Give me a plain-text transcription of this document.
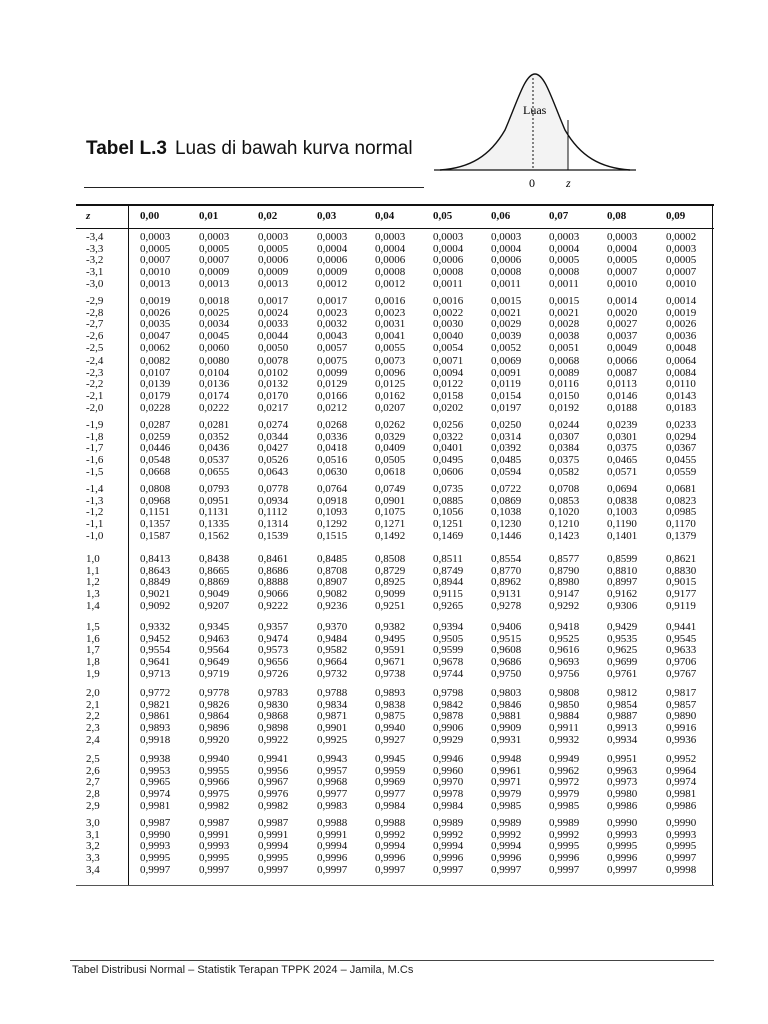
Tabel L.3 Luas di bawah kurva normal
Luas
0	z
z	0,00	0,01	0,02	0,03	0,04	0,05	0,06	0,07	0,08	0,09
-3,4	0,0003	0,0003	0,0003	0,0003	0,0003	0,0003	0,0003	0,0003	0,0003	0,0002
-3,3	0,0005	0,0005	0,0005	0,0004	0,0004	0,0004	0,0004	0,0004	0,0004	0,0003
-3,2	0,0007	0,0007	0,0006	0,0006	0,0006	0,0006	0,0006	0,0005	0,0005	0,0005
-3,1	0,0010	0,0009	0,0009	0,0009	0,0008	0,0008	0,0008	0,0008	0,0007	0,0007
-3,0	0,0013	0,0013	0,0013	0,0012	0,0012	0,0011	0,0011	0,0011	0,0010	0,0010
-2,9	0,0019	0,0018	0,0017	0,0017	0,0016	0,0016	0,0015	0,0015	0,0014	0,0014
-2,8	0,0026	0,0025	0,0024	0,0023	0,0023	0,0022	0,0021	0,0021	0,0020	0,0019
-2,7	0,0035	0,0034	0,0033	0,0032	0,0031	0,0030	0,0029	0,0028	0,0027	0,0026
-2,6	0,0047	0,0045	0,0044	0,0043	0,0041	0,0040	0,0039	0,0038	0,0037	0,0036
-2,5	0,0062	0,0060	0,0050	0,0057	0,0055	0,0054	0,0052	0,0051	0,0049	0,0048
-2,4	0,0082	0,0080	0,0078	0,0075	0,0073	0,0071	0,0069	0,0068	0,0066	0,0064
-2,3	0,0107	0,0104	0,0102	0,0099	0,0096	0,0094	0,0091	0,0089	0,0087	0,0084
-2,2	0,0139	0,0136	0,0132	0,0129	0,0125	0,0122	0,0119	0,0116	0,0113	0,0110
-2,1	0,0179	0,0174	0,0170	0,0166	0,0162	0,0158	0,0154	0,0150	0,0146	0,0143
-2,0	0,0228	0,0222	0,0217	0,0212	0,0207	0,0202	0,0197	0,0192	0,0188	0,0183
-1,9	0,0287	0,0281	0,0274	0,0268	0,0262	0,0256	0,0250	0,0244	0,0239	0,0233
-1,8	0,0259	0,0352	0,0344	0,0336	0,0329	0,0322	0,0314	0,0307	0,0301	0,0294
-1,7	0,0446	0,0436	0,0427	0,0418	0,0409	0,0401	0,0392	0,0384	0,0375	0,0367
-1,6	0,0548	0,0537	0,0526	0,0516	0,0505	0,0495	0,0485	0,0375	0,0465	0,0455
-1,5	0,0668	0,0655	0,0643	0,0630	0,0618	0,0606	0,0594	0,0582	0,0571	0,0559
-1,4	0,0808	0,0793	0,0778	0,0764	0,0749	0,0735	0,0722	0,0708	0,0694	0,0681
-1,3	0,0968	0,0951	0,0934	0,0918	0,0901	0,0885	0,0869	0,0853	0,0838	0,0823
-1,2	0,1151	0,1131	0,1112	0,1093	0,1075	0,1056	0,1038	0,1020	0,1003	0,0985
-1,1	0,1357	0,1335	0,1314	0,1292	0,1271	0,1251	0,1230	0,1210	0,1190	0,1170
-1,0	0,1587	0,1562	0,1539	0,1515	0,1492	0,1469	0,1446	0,1423	0,1401	0,1379
1,0	0,8413	0,8438	0,8461	0,8485	0,8508	0,8511	0,8554	0,8577	0,8599	0,8621
1,1	0,8643	0,8665	0,8686	0,8708	0,8729	0,8749	0,8770	0,8790	0,8810	0,8830
1,2	0,8849	0,8869	0,8888	0,8907	0,8925	0,8944	0,8962	0,8980	0,8997	0,9015
1,3	0,9021	0,9049	0,9066	0,9082	0,9099	0,9115	0,9131	0,9147	0,9162	0,9177
1,4	0,9092	0,9207	0,9222	0,9236	0,9251	0,9265	0,9278	0,9292	0,9306	0,9119
1,5	0,9332	0,9345	0,9357	0,9370	0,9382	0,9394	0,9406	0,9418	0,9429	0,9441
1,6	0,9452	0,9463	0,9474	0,9484	0,9495	0,9505	0,9515	0,9525	0,9535	0,9545
1,7	0,9554	0,9564	0,9573	0,9582	0,9591	0,9599	0,9608	0,9616	0,9625	0,9633
1,8	0,9641	0,9649	0,9656	0,9664	0,9671	0,9678	0,9686	0,9693	0,9699	0,9706
1,9	0,9713	0,9719	0,9726	0,9732	0,9738	0,9744	0,9750	0,9756	0,9761	0,9767
2,0	0,9772	0,9778	0,9783	0,9788	0,9893	0,9798	0,9803	0,9808	0,9812	0,9817
2,1	0,9821	0,9826	0,9830	0,9834	0,9838	0,9842	0,9846	0,9850	0,9854	0,9857
2,2	0,9861	0,9864	0,9868	0,9871	0,9875	0,9878	0,9881	0,9884	0,9887	0,9890
2,3	0,9893	0,9896	0,9898	0,9901	0,9940	0,9906	0,9909	0,9911	0,9913	0,9916
2,4	0,9918	0,9920	0,9922	0,9925	0,9927	0,9929	0,9931	0,9932	0,9934	0,9936
2,5	0,9938	0,9940	0,9941	0,9943	0,9945	0,9946	0,9948	0,9949	0,9951	0,9952
2,6	0,9953	0,9955	0,9956	0,9957	0,9959	0,9960	0,9961	0,9962	0,9963	0,9964
2,7	0,9965	0,9966	0,9967	0,9968	0,9969	0,9970	0,9971	0,9972	0,9973	0,9974
2,8	0,9974	0,9975	0,9976	0,9977	0,9977	0,9978	0,9979	0,9979	0,9980	0,9981
2,9	0,9981	0,9982	0,9982	0,9983	0,9984	0,9984	0,9985	0,9985	0,9986	0,9986
3,0	0,9987	0,9987	0,9987	0,9988	0,9988	0,9989	0,9989	0,9989	0,9990	0,9990
3,1	0,9990	0,9991	0,9991	0,9991	0,9992	0,9992	0,9992	0,9992	0,9993	0,9993
3,2	0,9993	0,9993	0,9994	0,9994	0,9994	0,9994	0,9994	0,9995	0,9995	0,9995
3,3	0,9995	0,9995	0,9995	0,9996	0,9996	0,9996	0,9996	0,9996	0,9996	0,9997
3,4	0,9997	0,9997	0,9997	0,9997	0,9997	0,9997	0,9997	0,9997	0,9997	0,9998
Tabel Distribusi Normal – Statistik Terapan TPPK 2024 – Jamila, M.Cs
